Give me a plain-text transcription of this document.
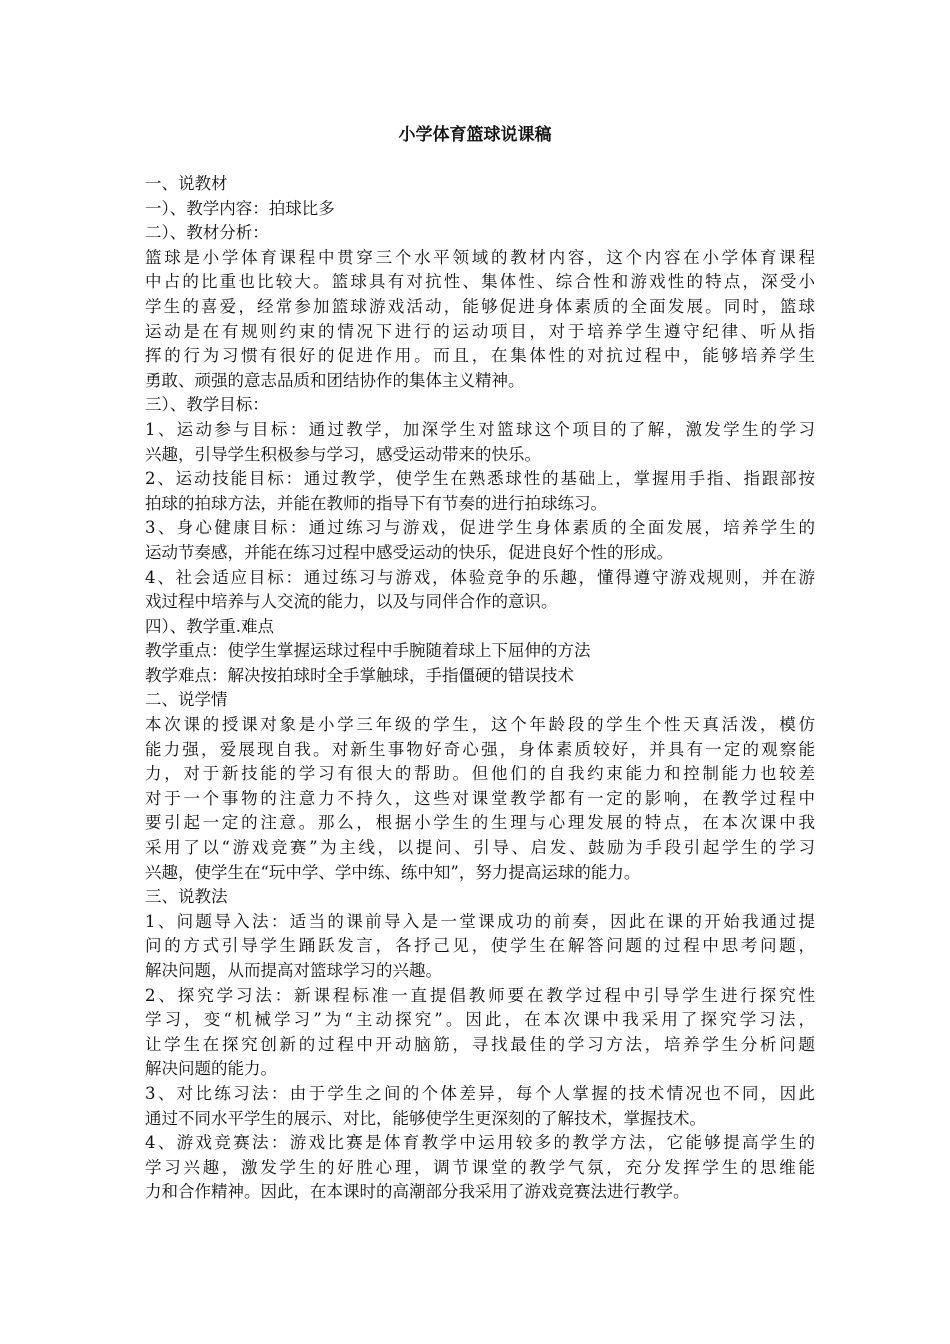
小学体育篮球说课稿
一、说教材
一）、教学内容：拍球比多
二）、教材分析：
篮球是小学体育课程中贯穿三个水平领域的教材内容，这个内容在小学体育课程
中占的比重也比较大。篮球具有对抗性、集体性、综合性和游戏性的特点，深受小
学生的喜爱，经常参加篮球游戏活动，能够促进身体素质的全面发展。同时，篮球
运动是在有规则约束的情况下进行的运动项目，对于培养学生遵守纪律、听从指
挥的行为习惯有很好的促进作用。而且，在集体性的对抗过程中，能够培养学生
勇敢、顽强的意志品质和团结协作的集体主义精神。
三）、教学目标：
1、运动参与目标：通过教学，加深学生对篮球这个项目的了解，激发学生的学习
兴趣，引导学生积极参与学习，感受运动带来的快乐。
2、运动技能目标：通过教学，使学生在熟悉球性的基础上，掌握用手指、指跟部按
拍球的拍球方法，并能在教师的指导下有节奏的进行拍球练习。
3、身心健康目标：通过练习与游戏，促进学生身体素质的全面发展，培养学生的
运动节奏感，并能在练习过程中感受运动的快乐，促进良好个性的形成。
4、社会适应目标：通过练习与游戏，体验竞争的乐趣，懂得遵守游戏规则，并在游
戏过程中培养与人交流的能力，以及与同伴合作的意识。
四）、教学重.难点
教学重点：使学生掌握运球过程中手腕随着球上下屈伸的方法
教学难点：解决按拍球时全手掌触球，手指僵硬的错误技术
二、说学情
本次课的授课对象是小学三年级的学生，这个年龄段的学生个性天真活泼，模仿
能力强，爱展现自我。对新生事物好奇心强，身体素质较好，并具有一定的观察能
力，对于新技能的学习有很大的帮助。但他们的自我约束能力和控制能力也较差
对于一个事物的注意力不持久，这些对课堂教学都有一定的影响，在教学过程中
要引起一定的注意。那么，根据小学生的生理与心理发展的特点，在本次课中我
采用了以“游戏竞赛”为主线，以提问、引导、启发、鼓励为手段引起学生的学习
兴趣，使学生在“玩中学、学中练、练中知”，努力提高运球的能力。
三、说教法
1、问题导入法：适当的课前导入是一堂课成功的前奏，因此在课的开始我通过提
问的方式引导学生踊跃发言，各抒己见，使学生在解答问题的过程中思考问题，
解决问题，从而提高对篮球学习的兴趣。
2、探究学习法：新课程标准一直提倡教师要在教学过程中引导学生进行探究性
学习，变“机械学习”为“主动探究”。因此，在本次课中我采用了探究学习法，
让学生在探究创新的过程中开动脑筋，寻找最佳的学习方法，培养学生分析问题
解决问题的能力。
3、对比练习法：由于学生之间的个体差异，每个人掌握的技术情况也不同，因此
通过不同水平学生的展示、对比，能够使学生更深刻的了解技术，掌握技术。
4、游戏竞赛法：游戏比赛是体育教学中运用较多的教学方法，它能够提高学生的
学习兴趣，激发学生的好胜心理，调节课堂的教学气氛，充分发挥学生的思维能
力和合作精神。因此，在本课时的高潮部分我采用了游戏竞赛法进行教学。
